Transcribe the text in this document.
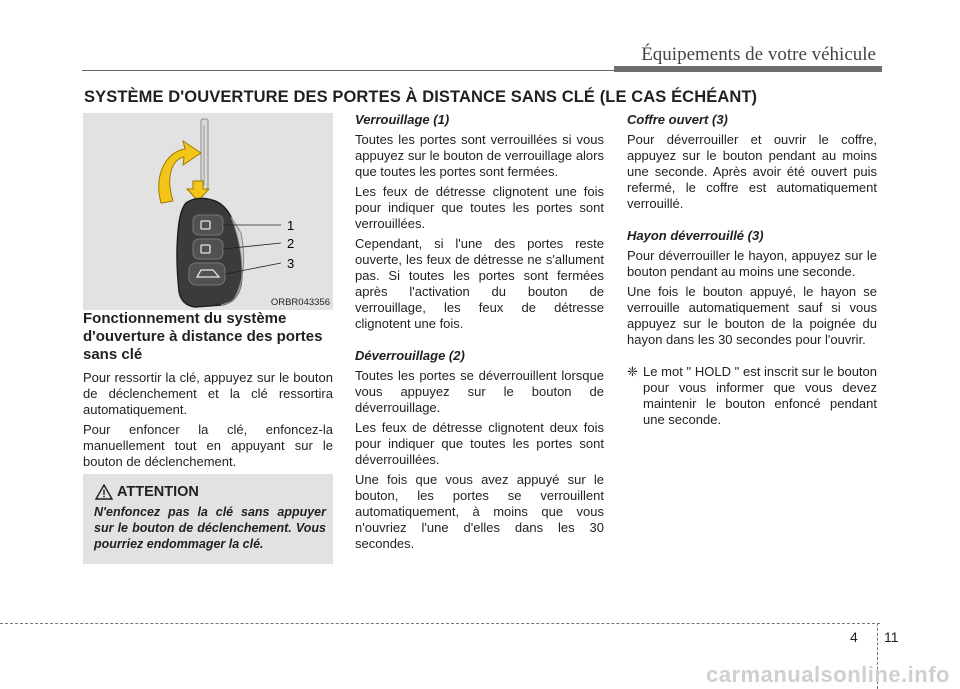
Équipements de votre véhicule
SYSTÈME D'OUVERTURE DES PORTES À DISTANCE SANS CLÉ (LE CAS ÉCHÉANT)
1
2
3
ORBR043356
Fonctionnement du système d'ouverture à distance des portes sans clé

Pour ressortir la clé, appuyez sur le bouton de déclenchement et la clé ressortira automatiquement.

Pour enfoncer la clé, enfoncez-la manuellement tout en appuyant sur le bouton de déclenchement.

ATTENTION

N'enfoncez pas la clé sans appuyer sur le bouton de déclenchement. Vous pourriez endommager la clé.

Verrouillage (1)

Toutes les portes sont verrouillées si vous appuyez sur le bouton de verrouillage alors que toutes les portes sont fermées.

Les feux de détresse clignotent une fois pour indiquer que toutes les portes sont verrouillées.

Cependant, si l'une des portes reste ouverte, les feux de détresse ne s'allument pas. Si toutes les portes sont fermées après l'activation du bouton de verrouillage, les feux de détresse clignotent une fois.

Déverrouillage (2)

Toutes les portes se déverrouillent lorsque vous appuyez sur le bouton de déverrouillage.

Les feux de détresse clignotent deux fois pour indiquer que toutes les portes sont déverrouillées.

Une fois que vous avez appuyé sur le bouton, les portes se verrouillent automatiquement, à moins que vous n'ouvriez l'une d'elles dans les 30 secondes.

Coffre ouvert (3)

Pour déverrouiller et ouvrir le coffre, appuyez sur le bouton pendant au moins une seconde. Après avoir été ouvert puis refermé, le coffre est automatiquement verrouillé.

Hayon déverrouillé (3)

Pour déverrouiller le hayon, appuyez sur le bouton pendant au moins une seconde.

Une fois le bouton appuyé, le hayon se verrouille automatiquement sauf si vous appuyez sur le bouton de la poignée du hayon dans les 30 secondes pour l'ouvrir.

❈ Le mot " HOLD " est inscrit sur le bouton pour vous informer que vous devez maintenir le bouton enfoncé pendant une seconde.

4 11
carmanualsonline.info
